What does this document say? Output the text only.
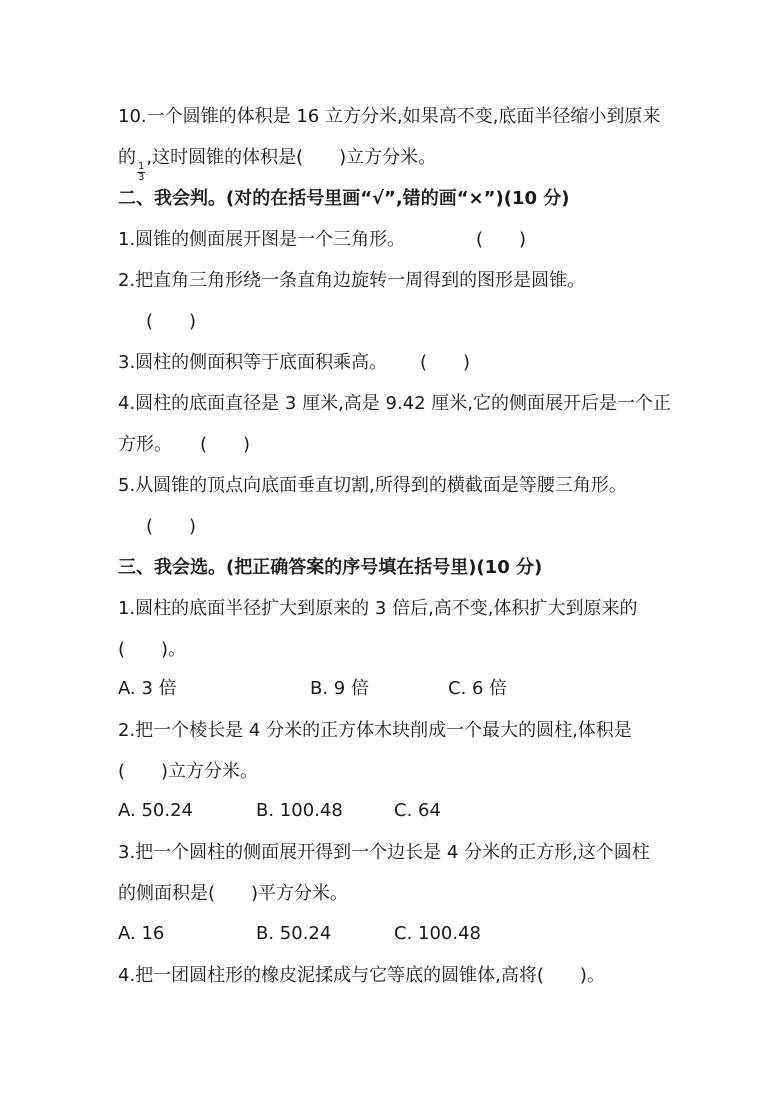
10.一个圆锥的体积是 16 立方分米,如果高不变,底面半径缩小到原来
的
$\frac{1}{3}$
,这时圆锥的体积是(　　)立方分米。
二、我会判。(对的在括号里画“√”,错的画“×”)(10 分)
1.圆锥的侧面展开图是一个三角形。	(　　)
2.把直角三角形绕一条直角边旋转一周得到的图形是圆锥。
(　　)
3.圆柱的侧面积等于底面积乘高。 (　　)
4.圆柱的底面直径是 3 厘米,高是 9.42 厘米,它的侧面展开后是一个正
方形。 (　　)
5.从圆锥的顶点向底面垂直切割,所得到的横截面是等腰三角形。
(　　)
三、我会选。(把正确答案的序号填在括号里)(10 分)
1.圆柱的底面半径扩大到原来的 3 倍后,高不变,体积扩大到原来的
(　　)。
A. 3 倍	B. 9 倍	C. 6 倍
2.把一个棱长是 4 分米的正方体木块削成一个最大的圆柱,体积是
(　　)立方分米。
A. 50.24	B. 100.48	C. 64
3.把一个圆柱的侧面展开得到一个边长是 4 分米的正方形,这个圆柱
的侧面积是(　　)平方分米。
A. 16	B. 50.24	C. 100.48
4.把一团圆柱形的橡皮泥揉成与它等底的圆锥体,高将(　　)。
